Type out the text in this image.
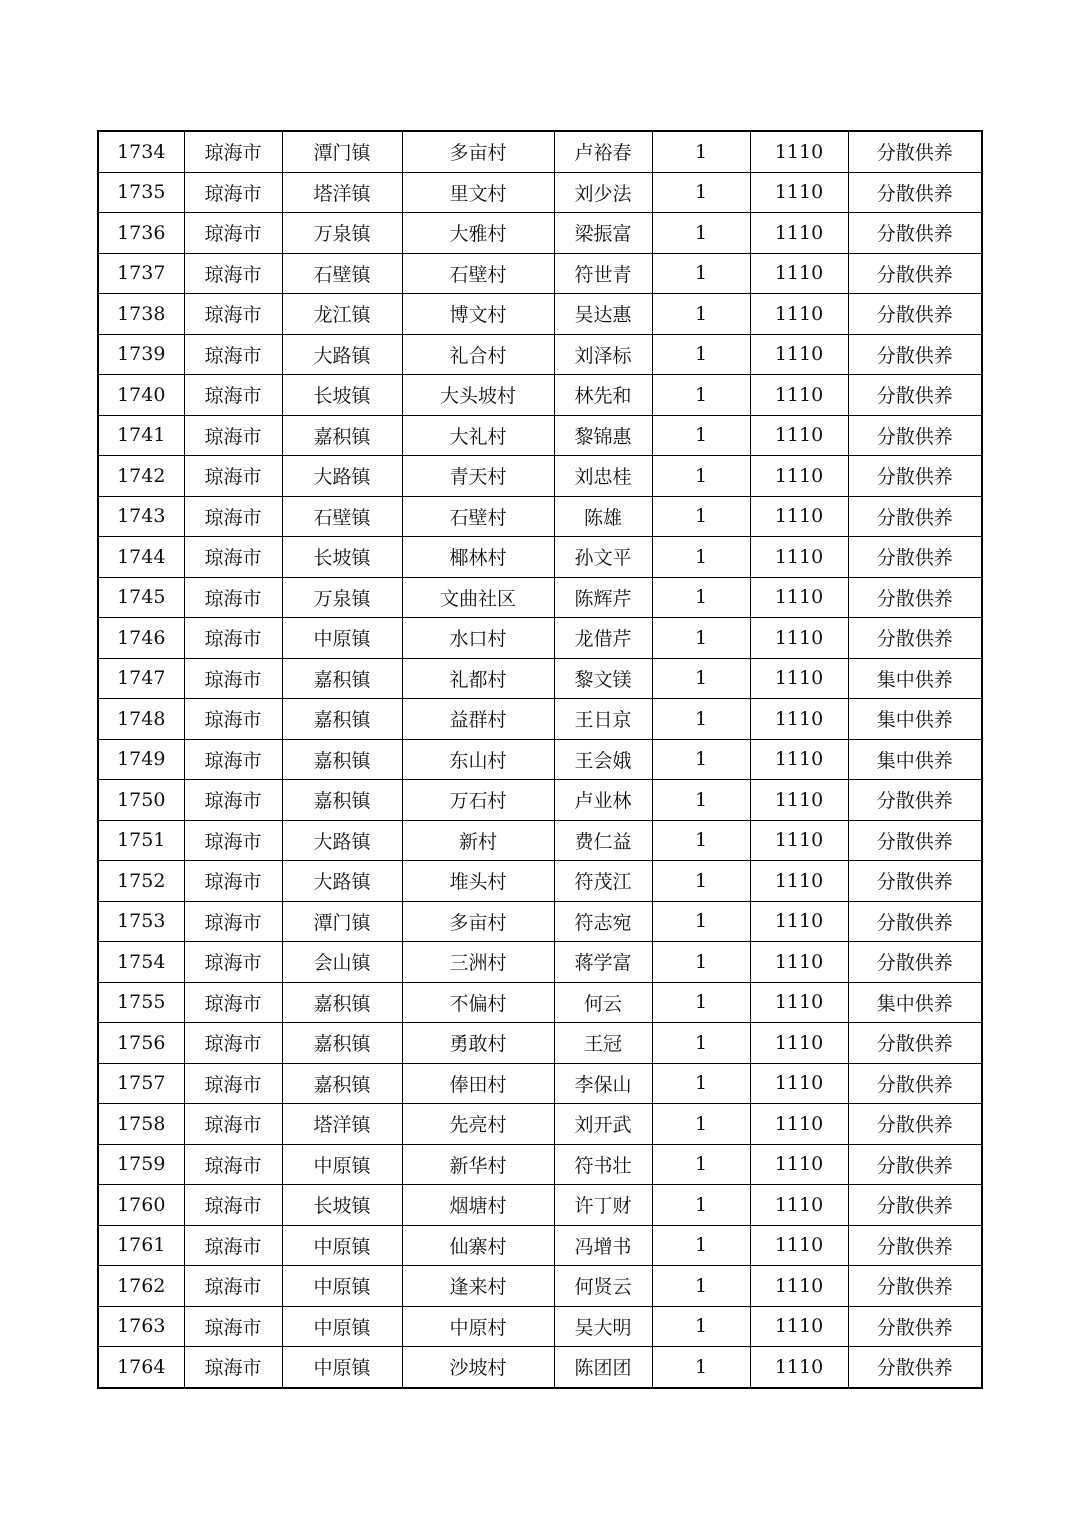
1734	琼海市	潭门镇	多亩村	卢裕春	1	1110	分散供养
1735	琼海市	塔洋镇	里文村	刘少法	1	1110	分散供养
1736	琼海市	万泉镇	大雅村	梁振富	1	1110	分散供养
1737	琼海市	石壁镇	石壁村	符世青	1	1110	分散供养
1738	琼海市	龙江镇	博文村	吴达惠	1	1110	分散供养
1739	琼海市	大路镇	礼合村	刘泽标	1	1110	分散供养
1740	琼海市	长坡镇	大头坡村	林先和	1	1110	分散供养
1741	琼海市	嘉积镇	大礼村	黎锦惠	1	1110	分散供养
1742	琼海市	大路镇	青天村	刘忠桂	1	1110	分散供养
1743	琼海市	石壁镇	石壁村	陈雄	1	1110	分散供养
1744	琼海市	长坡镇	椰林村	孙文平	1	1110	分散供养
1745	琼海市	万泉镇	文曲社区	陈辉芹	1	1110	分散供养
1746	琼海市	中原镇	水口村	龙借芹	1	1110	分散供养
1747	琼海市	嘉积镇	礼都村	黎文镁	1	1110	集中供养
1748	琼海市	嘉积镇	益群村	王日京	1	1110	集中供养
1749	琼海市	嘉积镇	东山村	王会娥	1	1110	集中供养
1750	琼海市	嘉积镇	万石村	卢业林	1	1110	分散供养
1751	琼海市	大路镇	新村	费仁益	1	1110	分散供养
1752	琼海市	大路镇	堆头村	符茂江	1	1110	分散供养
1753	琼海市	潭门镇	多亩村	符志宛	1	1110	分散供养
1754	琼海市	会山镇	三洲村	蒋学富	1	1110	分散供养
1755	琼海市	嘉积镇	不偏村	何云	1	1110	集中供养
1756	琼海市	嘉积镇	勇敢村	王冠	1	1110	分散供养
1757	琼海市	嘉积镇	俸田村	李保山	1	1110	分散供养
1758	琼海市	塔洋镇	先亮村	刘开武	1	1110	分散供养
1759	琼海市	中原镇	新华村	符书壮	1	1110	分散供养
1760	琼海市	长坡镇	烟塘村	许丁财	1	1110	分散供养
1761	琼海市	中原镇	仙寨村	冯增书	1	1110	分散供养
1762	琼海市	中原镇	逢来村	何贤云	1	1110	分散供养
1763	琼海市	中原镇	中原村	吴大明	1	1110	分散供养
1764	琼海市	中原镇	沙坡村	陈团团	1	1110	分散供养
